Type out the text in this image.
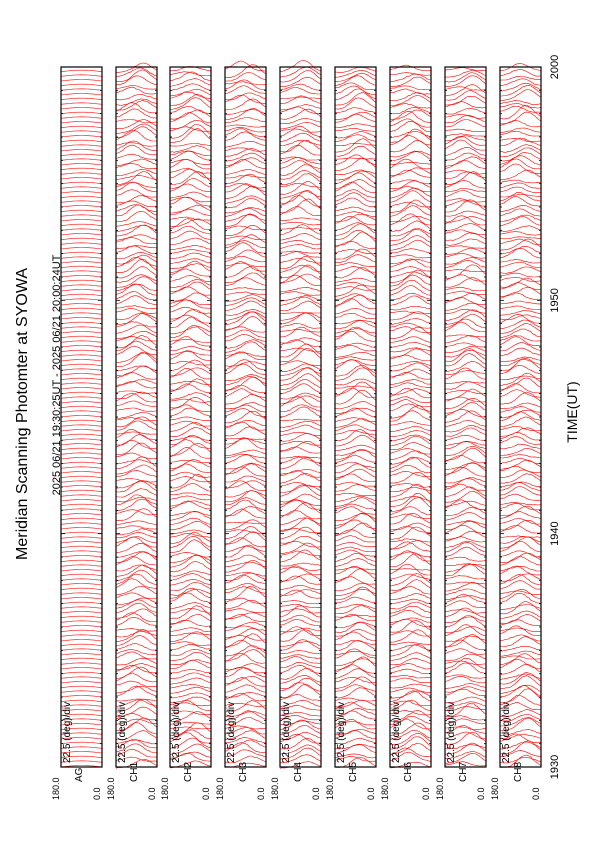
Meridian Scanning Photomter at SYOWA 2025 06/21 19:30:25UT - 2025 06/21 20:00:24UT	TIME(UT)
180.0	0.0
22.5 (deg)/div
AG
180.0	0.0
22.5 (deg)/div
CH1
180.0	0.0
22.5 (deg)/div
CH2
180.0	0.0
22.5 (deg)/div
CH3
180.0	0.0
22.5 (deg)/div
CH4
180.0	0.0
22.5 (deg)/div
CH5
180.0	0.0
22.5 (deg)/div
CH6
180.0	0.0
22.5 (deg)/div
CH7
180.0	0.0
22.5 (deg)/div
CH8 1930
1940
1950
2000
